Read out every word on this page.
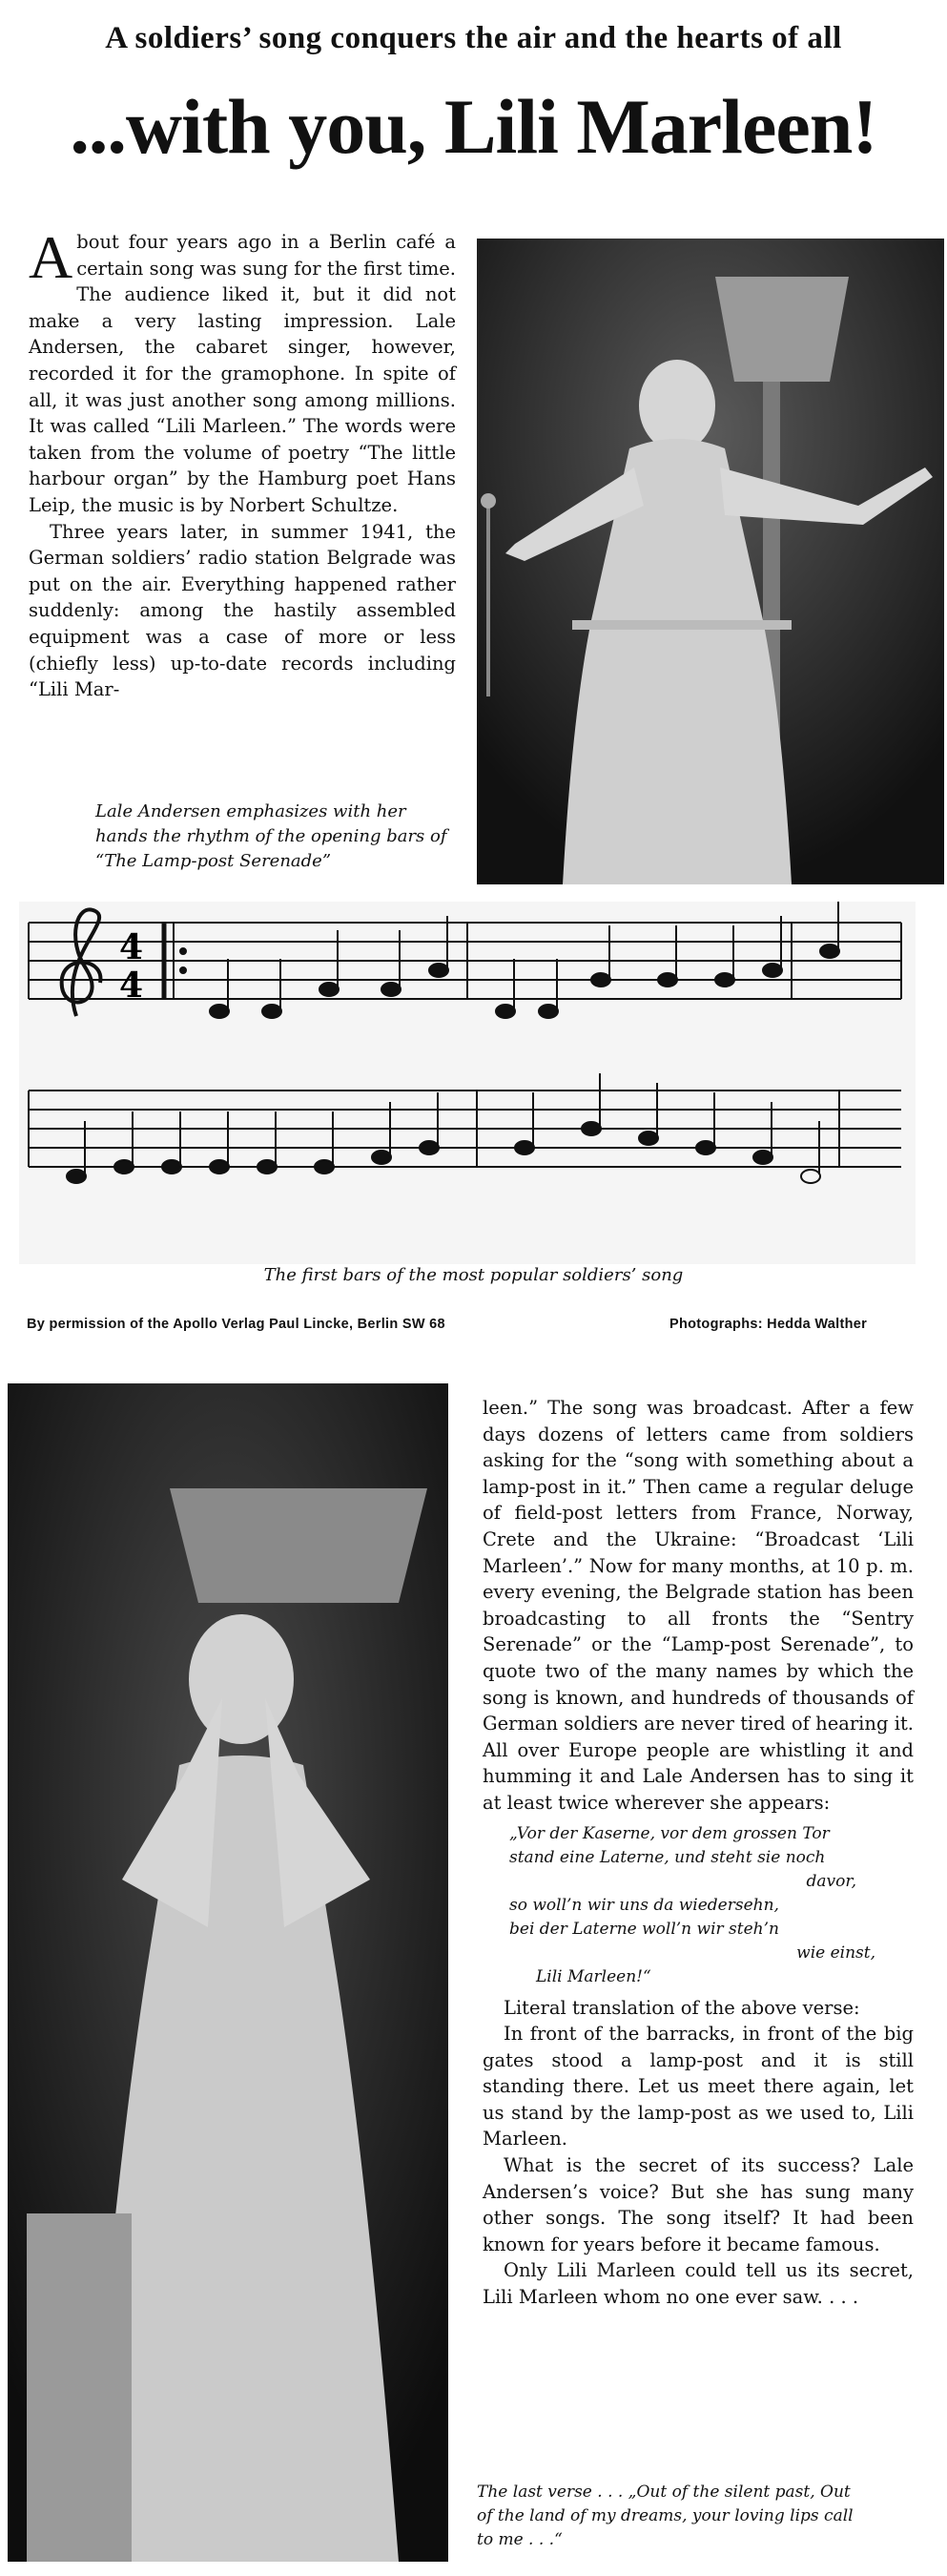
A soldiers’ song conquers the air and the hearts of all
...with you, Lili Marleen!

About four years ago in a Berlin café a certain song was sung for the first time. The audience liked it, but it did not make a very lasting impression. Lale Andersen, the cabaret singer, however, recorded it for the gramophone. In spite of all, it was just another song among millions. It was called “Lili Marleen.” The words were taken from the volume of poetry “The little harbour organ” by the Hamburg poet Hans Leip, the music is by Norbert Schultze.

Three years later, in summer 1941, the German soldiers’ radio station Belgrade was put on the air. Everything happened rather suddenly: among the hastily assembled equipment was a case of more or less (chiefly less) up-to-date records including “Lili Mar-

Lale Andersen emphasizes with her hands the rhythm of the opening bars of “The Lamp-post Serenade”
4
4
The first bars of the most popular soldiers’ song
By permission of the Apollo Verlag Paul Lincke, Berlin SW 68	Photographs: Hedda Walther

leen.” The song was broadcast. After a few days dozens of letters came from soldiers asking for the “song with something about a lamp-post in it.” Then came a regular deluge of field-post letters from France, Norway, Crete and the Ukraine: “Broadcast ‘Lili Marleen’.” Now for many months, at 10 p. m. every evening, the Belgrade station has been broadcasting to all fronts the “Sentry Serenade” or the “Lamp-post Serenade”, to quote two of the many names by which the song is known, and hundreds of thousands of German soldiers are never tired of hearing it. All over Europe people are whistling it and humming it and Lale Andersen has to sing it at least twice wherever she appears:

„Vor der Kaserne, vor dem grossen Tor
stand eine Laterne, und steht sie noch
davor,
so woll’n wir uns da wiedersehn,
bei der Laterne woll’n wir steh’n
wie einst,
Lili Marleen!“

Literal translation of the above verse:

In front of the barracks, in front of the big gates stood a lamp-post and it is still standing there. Let us meet there again, let us stand by the lamp-post as we used to, Lili Marleen.

What is the secret of its success? Lale Andersen’s voice? But she has sung many other songs. The song itself? It had been known for years before it became famous.

Only Lili Marleen could tell us its secret, Lili Marleen whom no one ever saw. . . .

The last verse . . . „Out of the silent past, Out of the land of my dreams, your loving lips call to me . . .“
